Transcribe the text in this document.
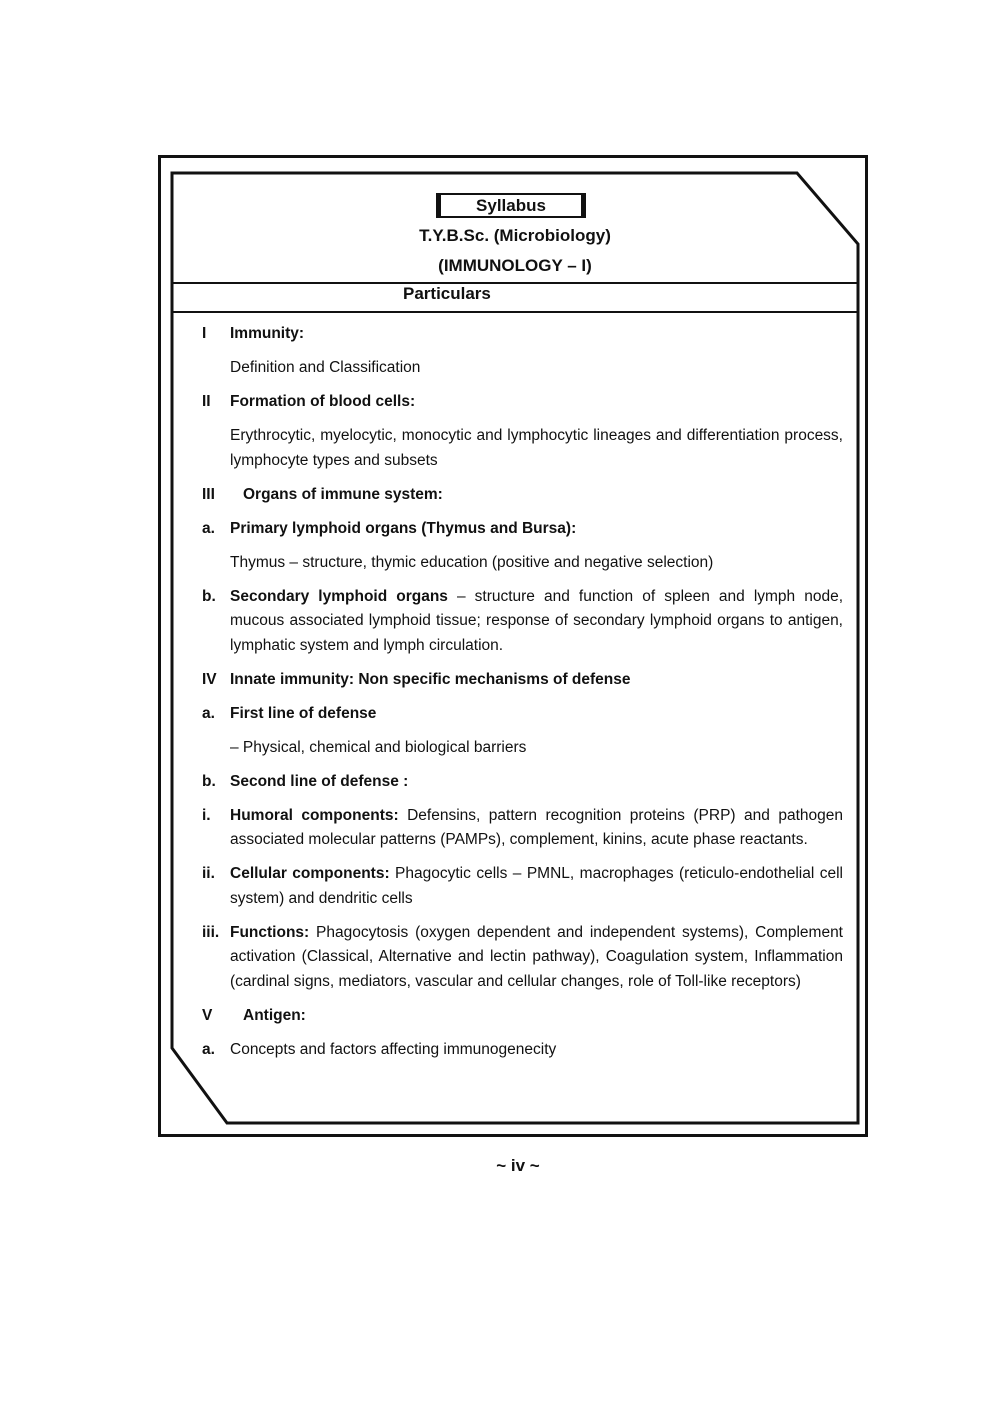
Syllabus
T.Y.B.Sc. (Microbiology)
(IMMUNOLOGY – I)
Particulars
I	Immunity:
Definition and Classification
II	Formation of blood cells:
Erythrocytic, myelocytic, monocytic and lymphocytic lineages and differentiation process, lymphocyte types and subsets
III	Organs of immune system:
a. Primary lymphoid organs (Thymus and Bursa):
Thymus – structure, thymic education (positive and negative selection)
b. Secondary lymphoid organs – structure and function of spleen and lymph node, mucous associated lymphoid tissue; response of secondary lymphoid organs to antigen, lymphatic system and lymph circulation.
IV Innate immunity: Non specific mechanisms of defense
a. First line of defense
– Physical, chemical and biological barriers
b. Second line of defense :
i.	Humoral components: Defensins, pattern recognition proteins (PRP) and pathogen associated molecular patterns (PAMPs), complement, kinins, acute phase reactants.
ii. Cellular components: Phagocytic cells – PMNL, macrophages (reticulo-endothelial cell system) and dendritic cells
iii. Functions: Phagocytosis (oxygen dependent and independent systems), Complement activation (Classical, Alternative and lectin pathway), Coagulation system, Inflammation (cardinal signs, mediators, vascular and cellular changes, role of Toll-like receptors)
V	Antigen:
a. Concepts and factors affecting immunogenecity
~ iv ~
